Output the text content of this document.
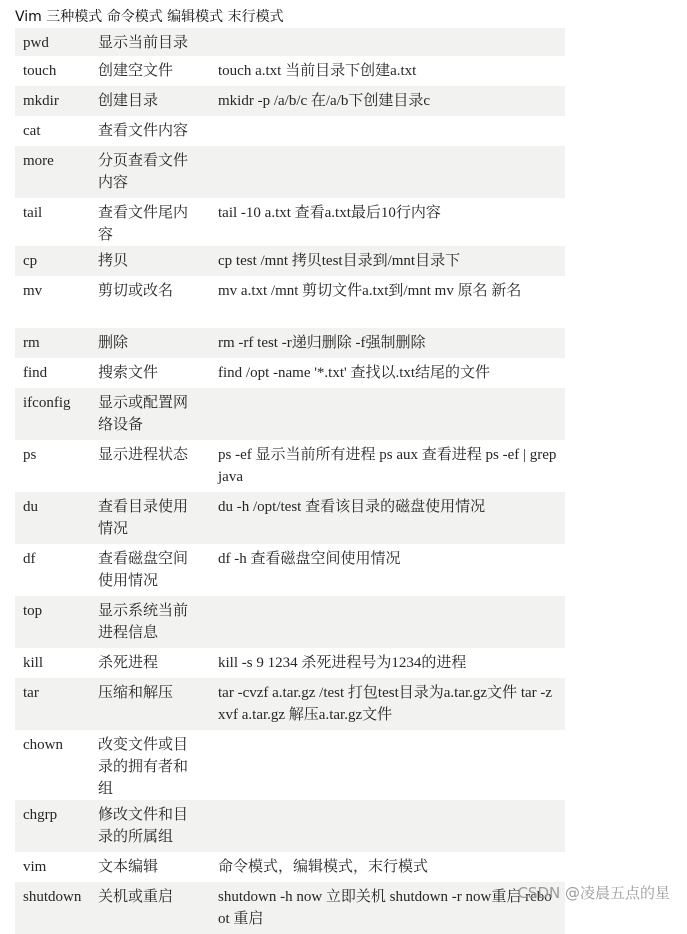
Vim 三种模式 命令模式 编辑模式 末行模式
pwd	显示当前目录	
touch	创建空文件	touch a.txt 当前目录下创建a.txt
mkdir	创建目录	mkidr -p /a/b/c 在/a/b下创建目录c
cat	查看文件内容	
more	分页查看文件内容	
tail	查看文件尾内容	tail -10 a.txt 查看a.txt最后10行内容
cp	拷贝	cp test /mnt 拷贝test目录到/mnt目录下
mv	剪切或改名	mv a.txt /mnt 剪切文件a.txt到/mnt mv 原名 新名
rm	删除	rm -rf test -r递归删除 -f强制删除
find	搜索文件	find /opt -name '*.txt' 查找以.txt结尾的文件
ifconfig	显示或配置网络设备	
ps	显示进程状态	ps -ef 显示当前所有进程 ps aux 查看进程 ps -ef | grep java
du	查看目录使用情况	du -h /opt/test 查看该目录的磁盘使用情况
df	查看磁盘空间使用情况	df -h 查看磁盘空间使用情况
top	显示系统当前进程信息	
kill	杀死进程	kill -s 9 1234 杀死进程号为1234的进程
tar	压缩和解压	tar -cvzf a.tar.gz /test 打包test目录为a.tar.gz文件 tar -zxvf a.tar.gz 解压a.tar.gz文件
chown	改变文件或目录的拥有者和组	
chgrp	修改文件和目录的所属组	
vim	文本编辑	命令模式，编辑模式，末行模式
shutdown	关机或重启	shutdown -h now 立即关机 shutdown -r now重启 reboot 重启
CSDN @凌晨五点的星
